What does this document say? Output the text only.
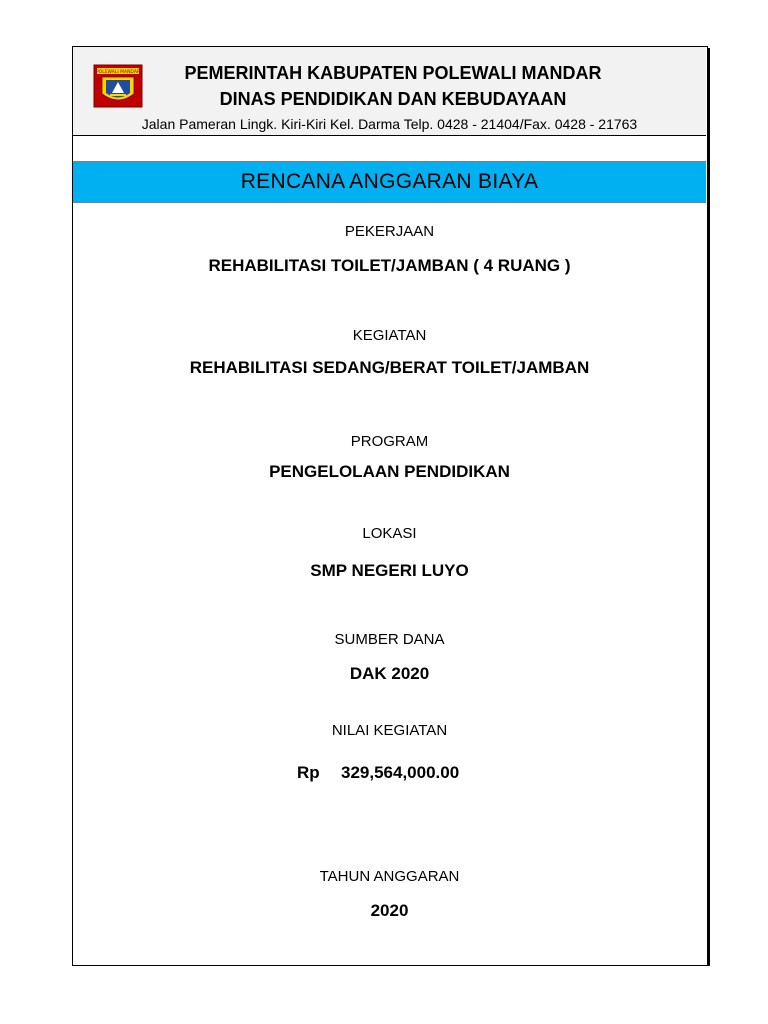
POLEWALI MANDAR	PEMERINTAH KABUPATEN POLEWALI MANDAR
DINAS PENDIDIKAN DAN KEBUDAYAAN
Jalan Pameran Lingk. Kiri-Kiri Kel. Darma Telp. 0428 - 21404/Fax. 0428 - 21763
RENCANA ANGGARAN BIAYA
PEKERJAAN
REHABILITASI TOILET/JAMBAN ( 4 RUANG )
KEGIATAN
REHABILITASI SEDANG/BERAT TOILET/JAMBAN
PROGRAM
PENGELOLAAN PENDIDIKAN
LOKASI
SMP NEGERI LUYO
SUMBER DANA
DAK 2020
NILAI KEGIATAN
Rp 329,564,000.00
TAHUN ANGGARAN
2020
